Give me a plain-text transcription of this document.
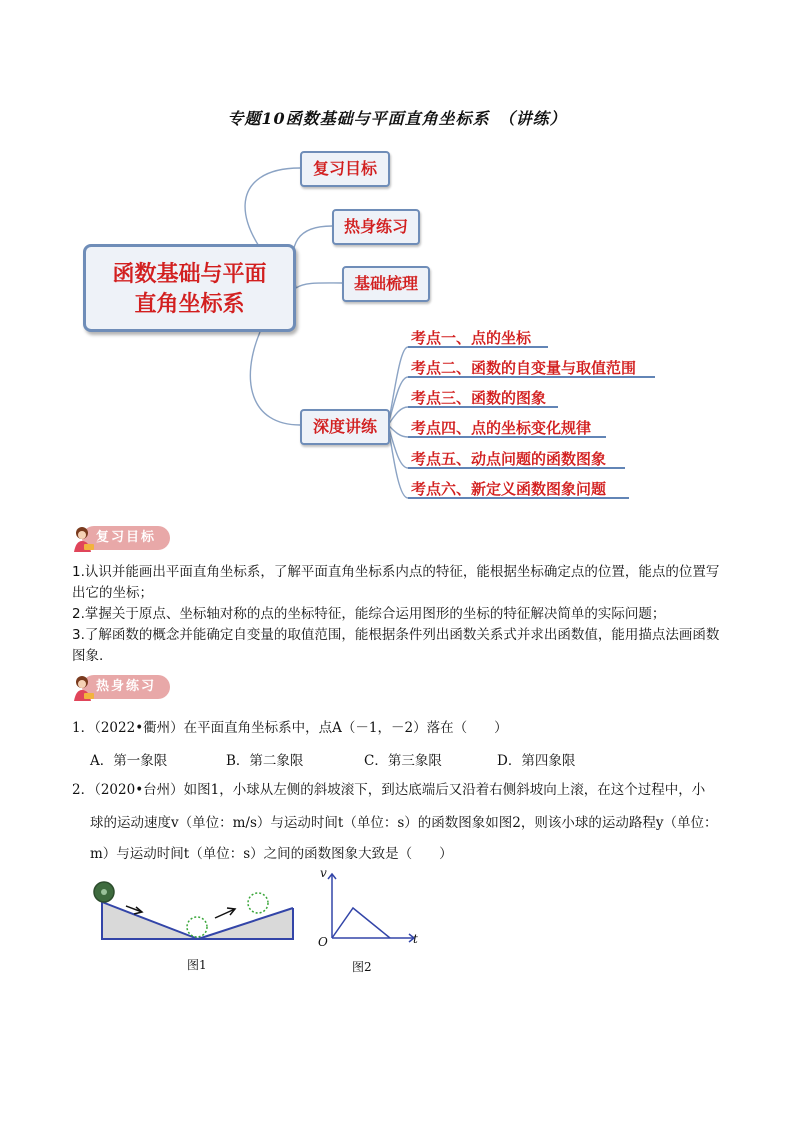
专题10函数基础与平面直角坐标系　（讲练）
函数基础与平面
直角坐标系
复习目标
热身练习
基础梳理
深度讲练
考点一、点的坐标
考点二、函数的自变量与取值范围
考点三、函数的图象
考点四、点的坐标变化规律
考点五、动点问题的函数图象
考点六、新定义函数图象问题
复习目标
1.认识并能画出平面直角坐标系，了解平面直角坐标系内点的特征，能根据坐标确定点的位置，能点的位置写出它的坐标；
2.掌握关于原点、坐标轴对称的点的坐标特征，能综合运用图形的坐标的特征解决简单的实际问题；
3.了解函数的概念并能确定自变量的取值范围，能根据条件列出函数关系式并求出函数值，能用描点法画函数图象.
热身练习
1．（2022•衢州）在平面直角坐标系中，点A（－1，－2）落在（　　）
A．第一象限	B．第二象限	C．第三象限	D．第四象限
2．（2020•台州）如图1，小球从左侧的斜坡滚下，到达底端后又沿着右侧斜坡向上滚，在这个过程中，小
球的运动速度v（单位：m/s）与运动时间t（单位：s）的函数图象如图2，则该小球的运动路程y（单位：
m）与运动时间t（单位：s）之间的函数图象大致是（　　）
图1
v
t
O
图2
